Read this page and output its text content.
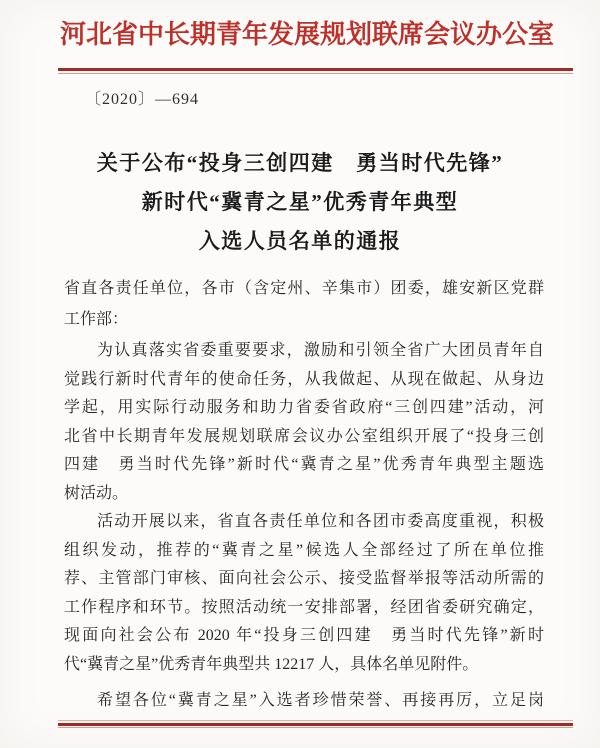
河北省中长期青年发展规划联席会议办公室
〔2020〕—694
关于公布“投身三创四建　勇当时代先锋”
新时代“冀青之星”优秀青年典型
入选人员名单的通报
省直各责任单位，各市（含定州、辛集市）团委，雄安新区党群
工作部：
为认真落实省委重要要求，激励和引领全省广大团员青年自
觉践行新时代青年的使命任务，从我做起、从现在做起、从身边
学起，用实际行动服务和助力省委省政府“三创四建”活动，河
北省中长期青年发展规划联席会议办公室组织开展了“投身三创
四建　勇当时代先锋”新时代“冀青之星”优秀青年典型主题选
树活动。
活动开展以来，省直各责任单位和各团市委高度重视，积极
组织发动，推荐的“冀青之星”候选人全部经过了所在单位推
荐、主管部门审核、面向社会公示、接受监督举报等活动所需的
工作程序和环节。按照活动统一安排部署，经团省委研究确定，
现面向社会公布 2020 年“投身三创四建　勇当时代先锋”新时
代“冀青之星”优秀青年典型共 12217 人，具体名单见附件。
希望各位“冀青之星”入选者珍惜荣誉、再接再厉，立足岗
